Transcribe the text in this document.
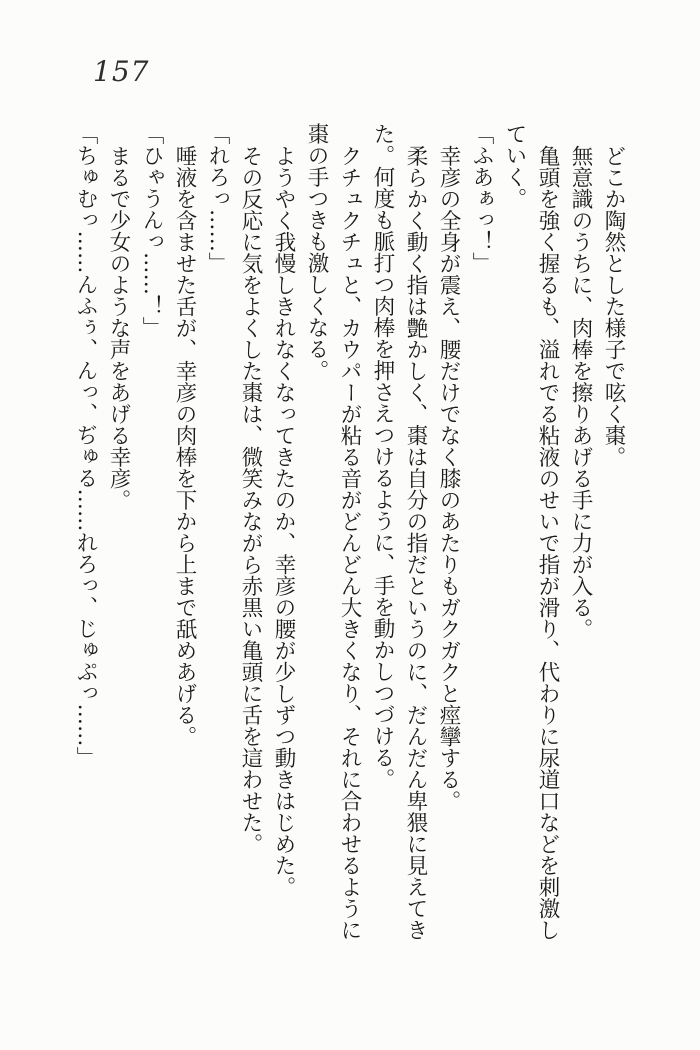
157

どこか陶然とした様子で呟く棗。

無意識のうちに、肉棒を擦りあげる手に力が入る。

亀頭を強く握るも、溢れでる粘液のせいで指が滑り、代わりに尿道口などを刺激していく。

「ふあぁっ！」

幸彦の全身が震え、腰だけでなく膝のあたりもガクガクと痙攣する。

柔らかく動く指は艶かしく、棗は自分の指だというのに、だんだん卑猥に見えてきた。何度も脈打つ肉棒を押さえつけるように、手を動かしつづける。

クチュクチュと、カウパーが粘る音がどんどん大きくなり、それに合わせるように棗の手つきも激しくなる。

ようやく我慢しきれなくなってきたのか、幸彦の腰が少しずつ動きはじめた。

その反応に気をよくした棗は、微笑みながら赤黒い亀頭に舌を這わせた。

「れろっ……」

唾液を含ませた舌が、幸彦の肉棒を下から上まで舐めあげる。

「ひゃうんっ……！」

まるで少女のような声をあげる幸彦。

「ちゅむっ……んふぅ、んっ、ぢゅる……れろっ、じゅぷっ……」
